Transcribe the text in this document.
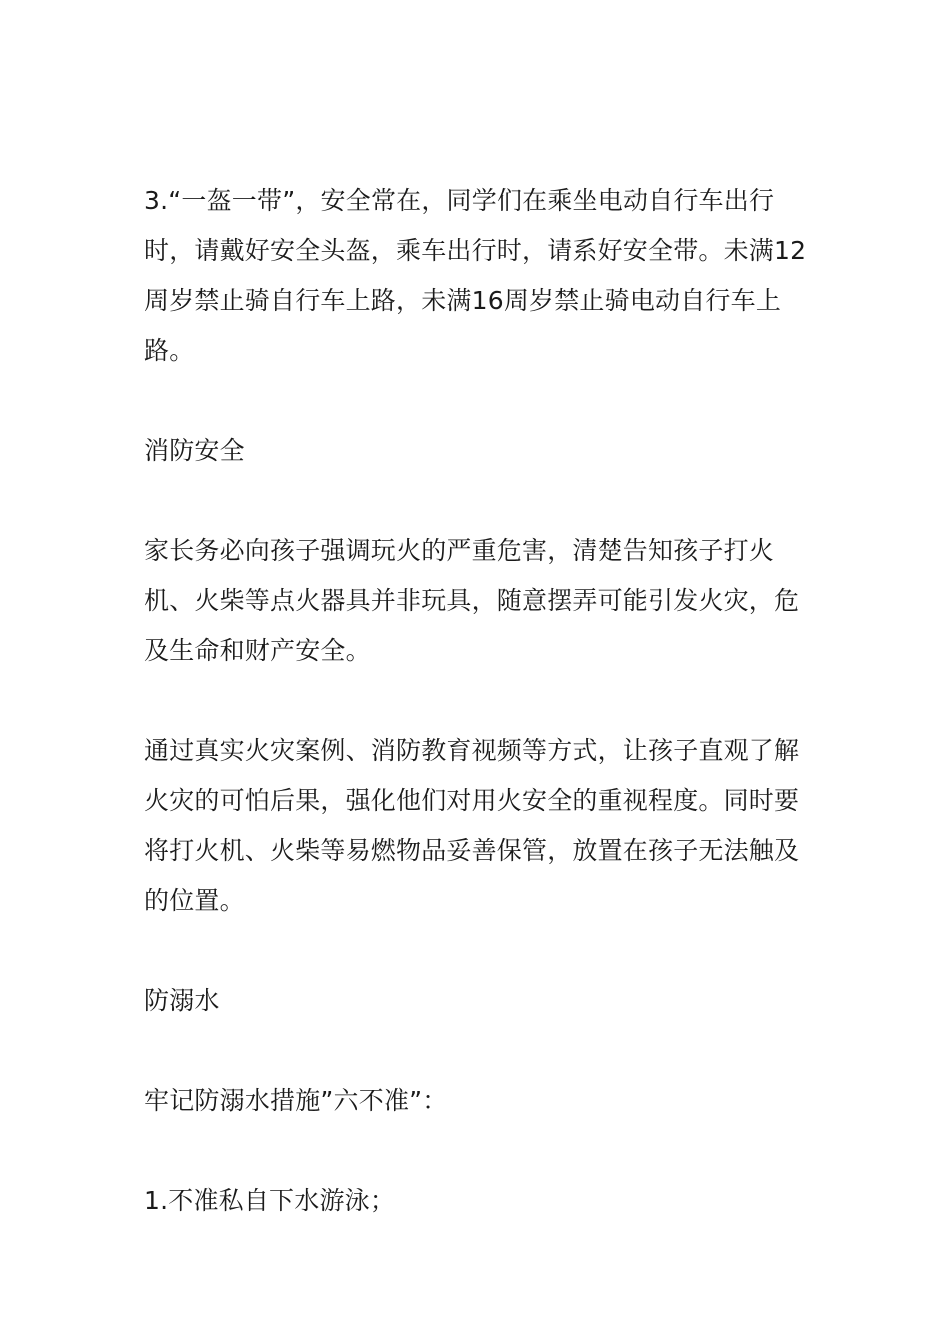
3.“一盔一带”，安全常在，同学们在乘坐电动自行车出行时，请戴好安全头盔，乘车出行时，请系好安全带。未满12周岁禁止骑自行车上路，未满16周岁禁止骑电动自行车上路。

消防安全

家长务必向孩子强调玩火的严重危害，清楚告知孩子打火机、火柴等点火器具并非玩具，随意摆弄可能引发火灾，危及生命和财产安全。

通过真实火灾案例、消防教育视频等方式，让孩子直观了解火灾的可怕后果，强化他们对用火安全的重视程度。同时要将打火机、火柴等易燃物品妥善保管，放置在孩子无法触及的位置。

防溺水

牢记防溺水措施”六不准”：

1.不准私自下水游泳；
